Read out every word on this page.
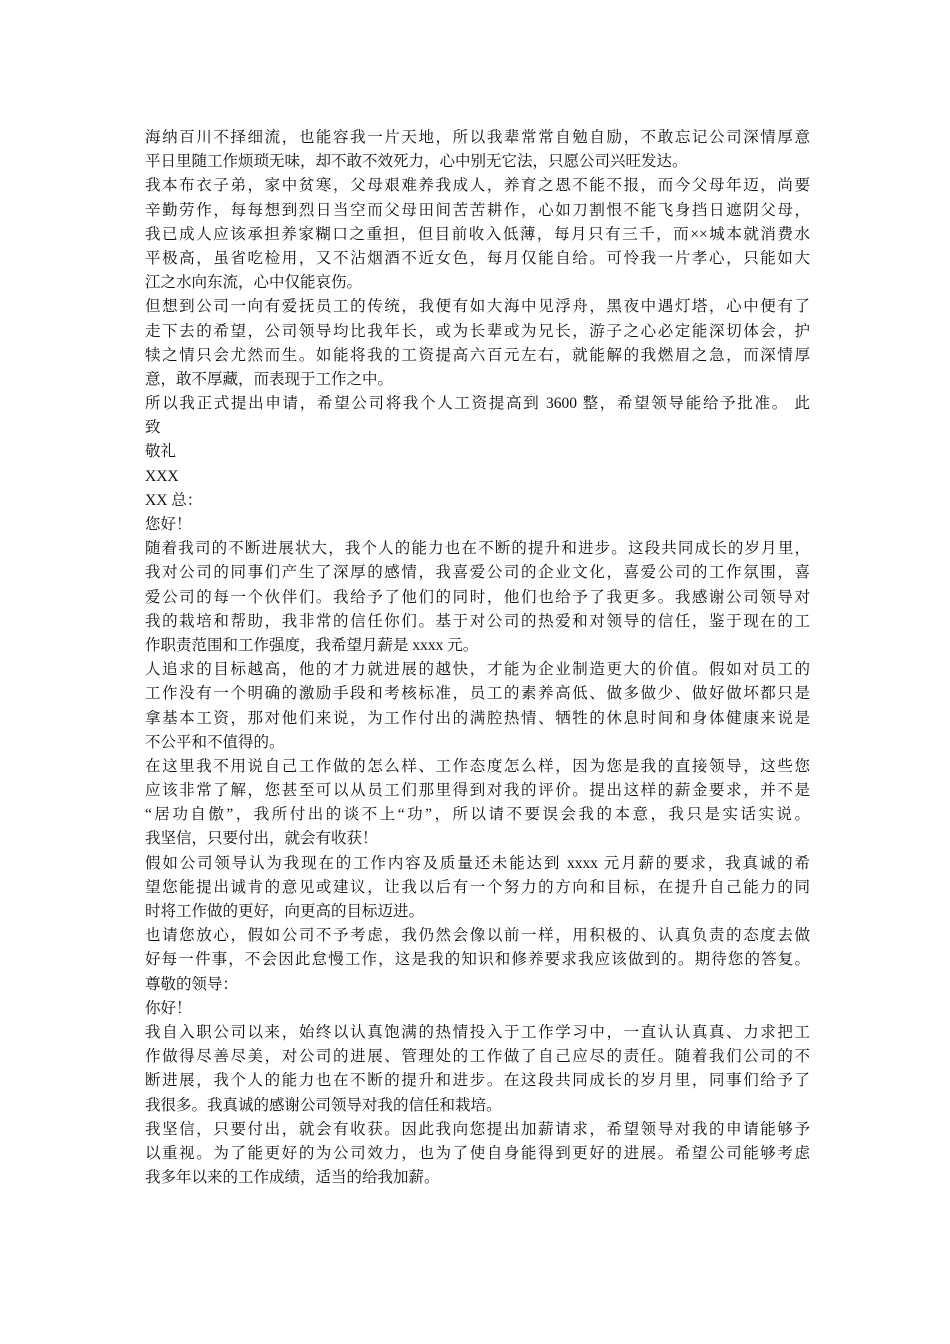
海纳百川不择细流，也能容我一片天地，所以我辈常常自勉自励，不敢忘记公司深情厚意
平日里随工作烦琐无味，却不敢不效死力，心中别无它法，只愿公司兴旺发达。
我本布衣子弟，家中贫寒，父母艰难养我成人，养育之恩不能不报，而今父母年迈，尚要
辛勤劳作，每每想到烈日当空而父母田间苦苦耕作，心如刀割恨不能飞身挡日遮阴父母，
我已成人应该承担养家糊口之重担，但目前收入低薄，每月只有三千，而××城本就消费水
平极高，虽省吃检用，又不沾烟酒不近女色，每月仅能自给。可怜我一片孝心，只能如大
江之水向东流，心中仅能哀伤。
但想到公司一向有爱抚员工的传统，我便有如大海中见浮舟，黑夜中遇灯塔，心中便有了
走下去的希望，公司领导均比我年长，或为长辈或为兄长，游子之心必定能深切体会，护
犊之情只会尤然而生。如能将我的工资提高六百元左右，就能解的我燃眉之急，而深情厚
意，敢不厚藏，而表现于工作之中。
所以我正式提出申请，希望公司将我个人工资提高到 3600 整，希望领导能给予批准。 此
致
敬礼
XXX
XX 总：
您好！
随着我司的不断进展状大，我个人的能力也在不断的提升和进步。这段共同成长的岁月里，
我对公司的同事们产生了深厚的感情，我喜爱公司的企业文化，喜爱公司的工作氛围，喜
爱公司的每一个伙伴们。我给予了他们的同时，他们也给予了我更多。我感谢公司领导对
我的栽培和帮助，我非常的信任你们。基于对公司的热爱和对领导的信任，鉴于现在的工
作职责范围和工作强度，我希望月薪是 xxxx 元。
人追求的目标越高，他的才力就进展的越快，才能为企业制造更大的价值。假如对员工的
工作没有一个明确的激励手段和考核标准，员工的素养高低、做多做少、做好做坏都只是
拿基本工资，那对他们来说，为工作付出的满腔热情、牺牲的休息时间和身体健康来说是
不公平和不值得的。
在这里我不用说自己工作做的怎么样、工作态度怎么样，因为您是我的直接领导，这些您
应该非常了解，您甚至可以从员工们那里得到对我的评价。提出这样的薪金要求，并不是
“居功自傲”，我所付出的谈不上“功”，所以请不要误会我的本意，我只是实话实说。
我坚信，只要付出，就会有收获！
假如公司领导认为我现在的工作内容及质量还未能达到 xxxx 元月薪的要求，我真诚的希
望您能提出诚肯的意见或建议，让我以后有一个努力的方向和目标，在提升自己能力的同
时将工作做的更好，向更高的目标迈进。
也请您放心，假如公司不予考虑，我仍然会像以前一样，用积极的、认真负责的态度去做
好每一件事，不会因此怠慢工作，这是我的知识和修养要求我应该做到的。期待您的答复。
尊敬的领导：
你好！
我自入职公司以来，始终以认真饱满的热情投入于工作学习中，一直认认真真、力求把工
作做得尽善尽美，对公司的进展、管理处的工作做了自己应尽的责任。随着我们公司的不
断进展，我个人的能力也在不断的提升和进步。在这段共同成长的岁月里，同事们给予了
我很多。我真诚的感谢公司领导对我的信任和栽培。
我坚信，只要付出，就会有收获。因此我向您提出加薪请求，希望领导对我的申请能够予
以重视。为了能更好的为公司效力，也为了使自身能得到更好的进展。希望公司能够考虑
我多年以来的工作成绩，适当的给我加薪。
